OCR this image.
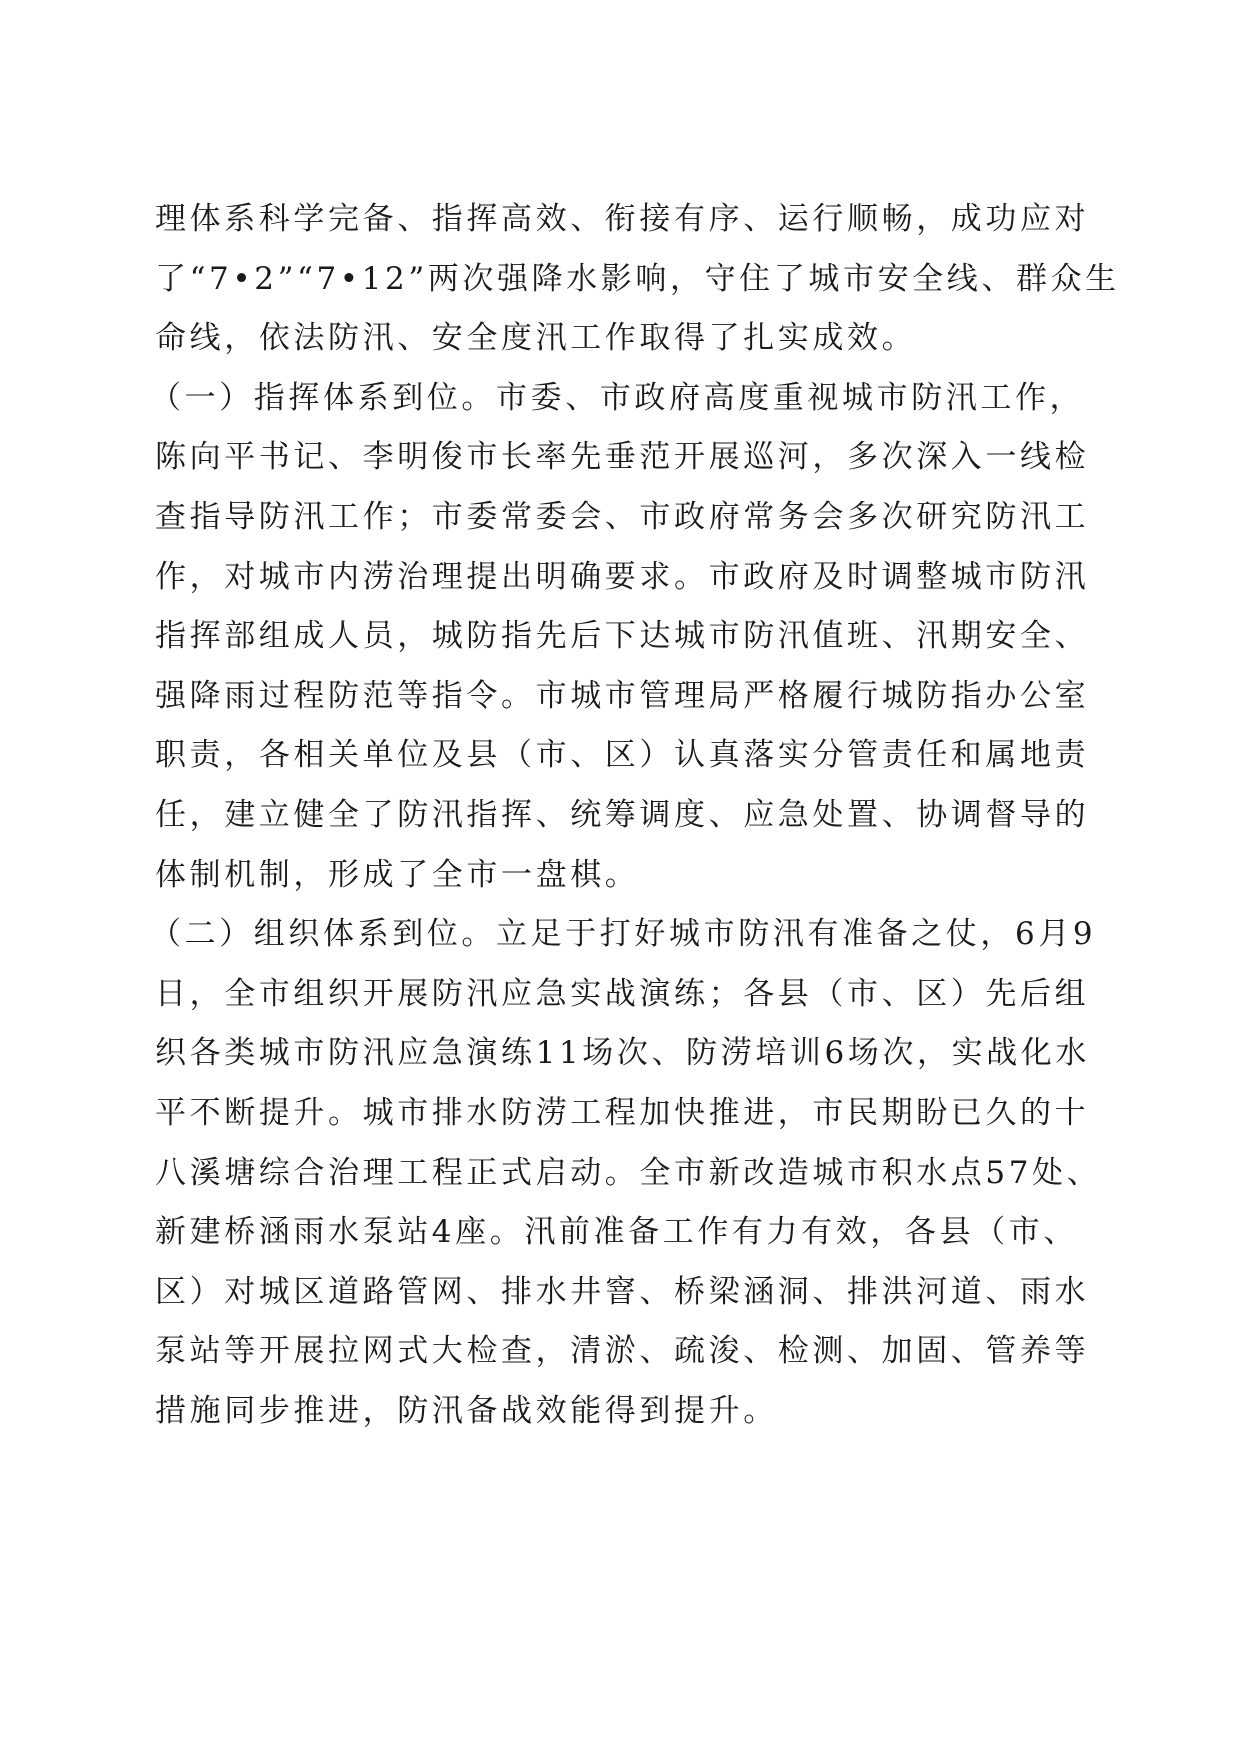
理体系科学完备、指挥高效、衔接有序、运行顺畅，成功应对
了“7•2”“7•12”两次强降水影响，守住了城市安全线、群众生
命线，依法防汛、安全度汛工作取得了扎实成效。
（一）指挥体系到位。市委、市政府高度重视城市防汛工作，
陈向平书记、李明俊市长率先垂范开展巡河，多次深入一线检
查指导防汛工作；市委常委会、市政府常务会多次研究防汛工
作，对城市内涝治理提出明确要求。市政府及时调整城市防汛
指挥部组成人员，城防指先后下达城市防汛值班、汛期安全、
强降雨过程防范等指令。市城市管理局严格履行城防指办公室
职责，各相关单位及县（市、区）认真落实分管责任和属地责
任，建立健全了防汛指挥、统筹调度、应急处置、协调督导的
体制机制，形成了全市一盘棋。
（二）组织体系到位。立足于打好城市防汛有准备之仗，6月9
日，全市组织开展防汛应急实战演练；各县（市、区）先后组
织各类城市防汛应急演练11场次、防涝培训6场次，实战化水
平不断提升。城市排水防涝工程加快推进，市民期盼已久的十
八溪塘综合治理工程正式启动。全市新改造城市积水点57处、
新建桥涵雨水泵站4座。汛前准备工作有力有效，各县（市、
区）对城区道路管网、排水井窨、桥梁涵洞、排洪河道、雨水
泵站等开展拉网式大检查，清淤、疏浚、检测、加固、管养等
措施同步推进，防汛备战效能得到提升。
